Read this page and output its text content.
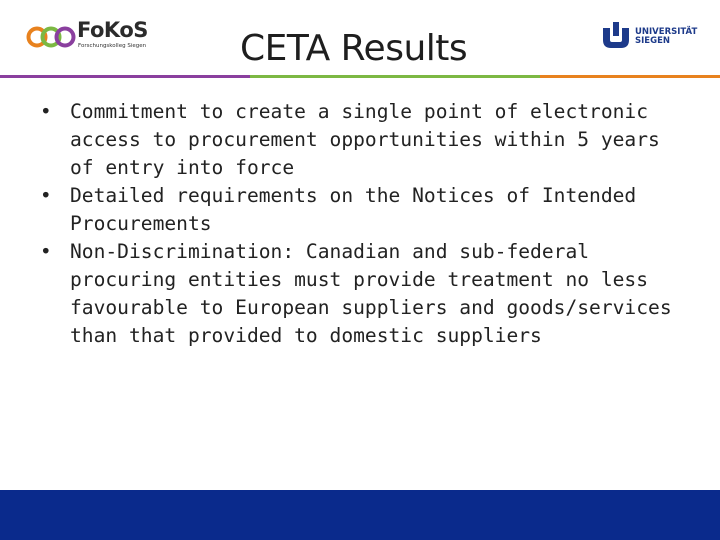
FoKoS
Forschungskolleg Siegen	CETA Results	UNIVERSITÄT
SIEGEN
• Commitment to create a single point of electronic access to procurement opportunities within 5 years of entry into force
• Detailed requirements on the Notices of Intended Procurements
• Non-Discrimination: Canadian and sub-federal procuring entities must provide treatment no less favourable to European suppliers and goods/services than that provided to domestic suppliers
